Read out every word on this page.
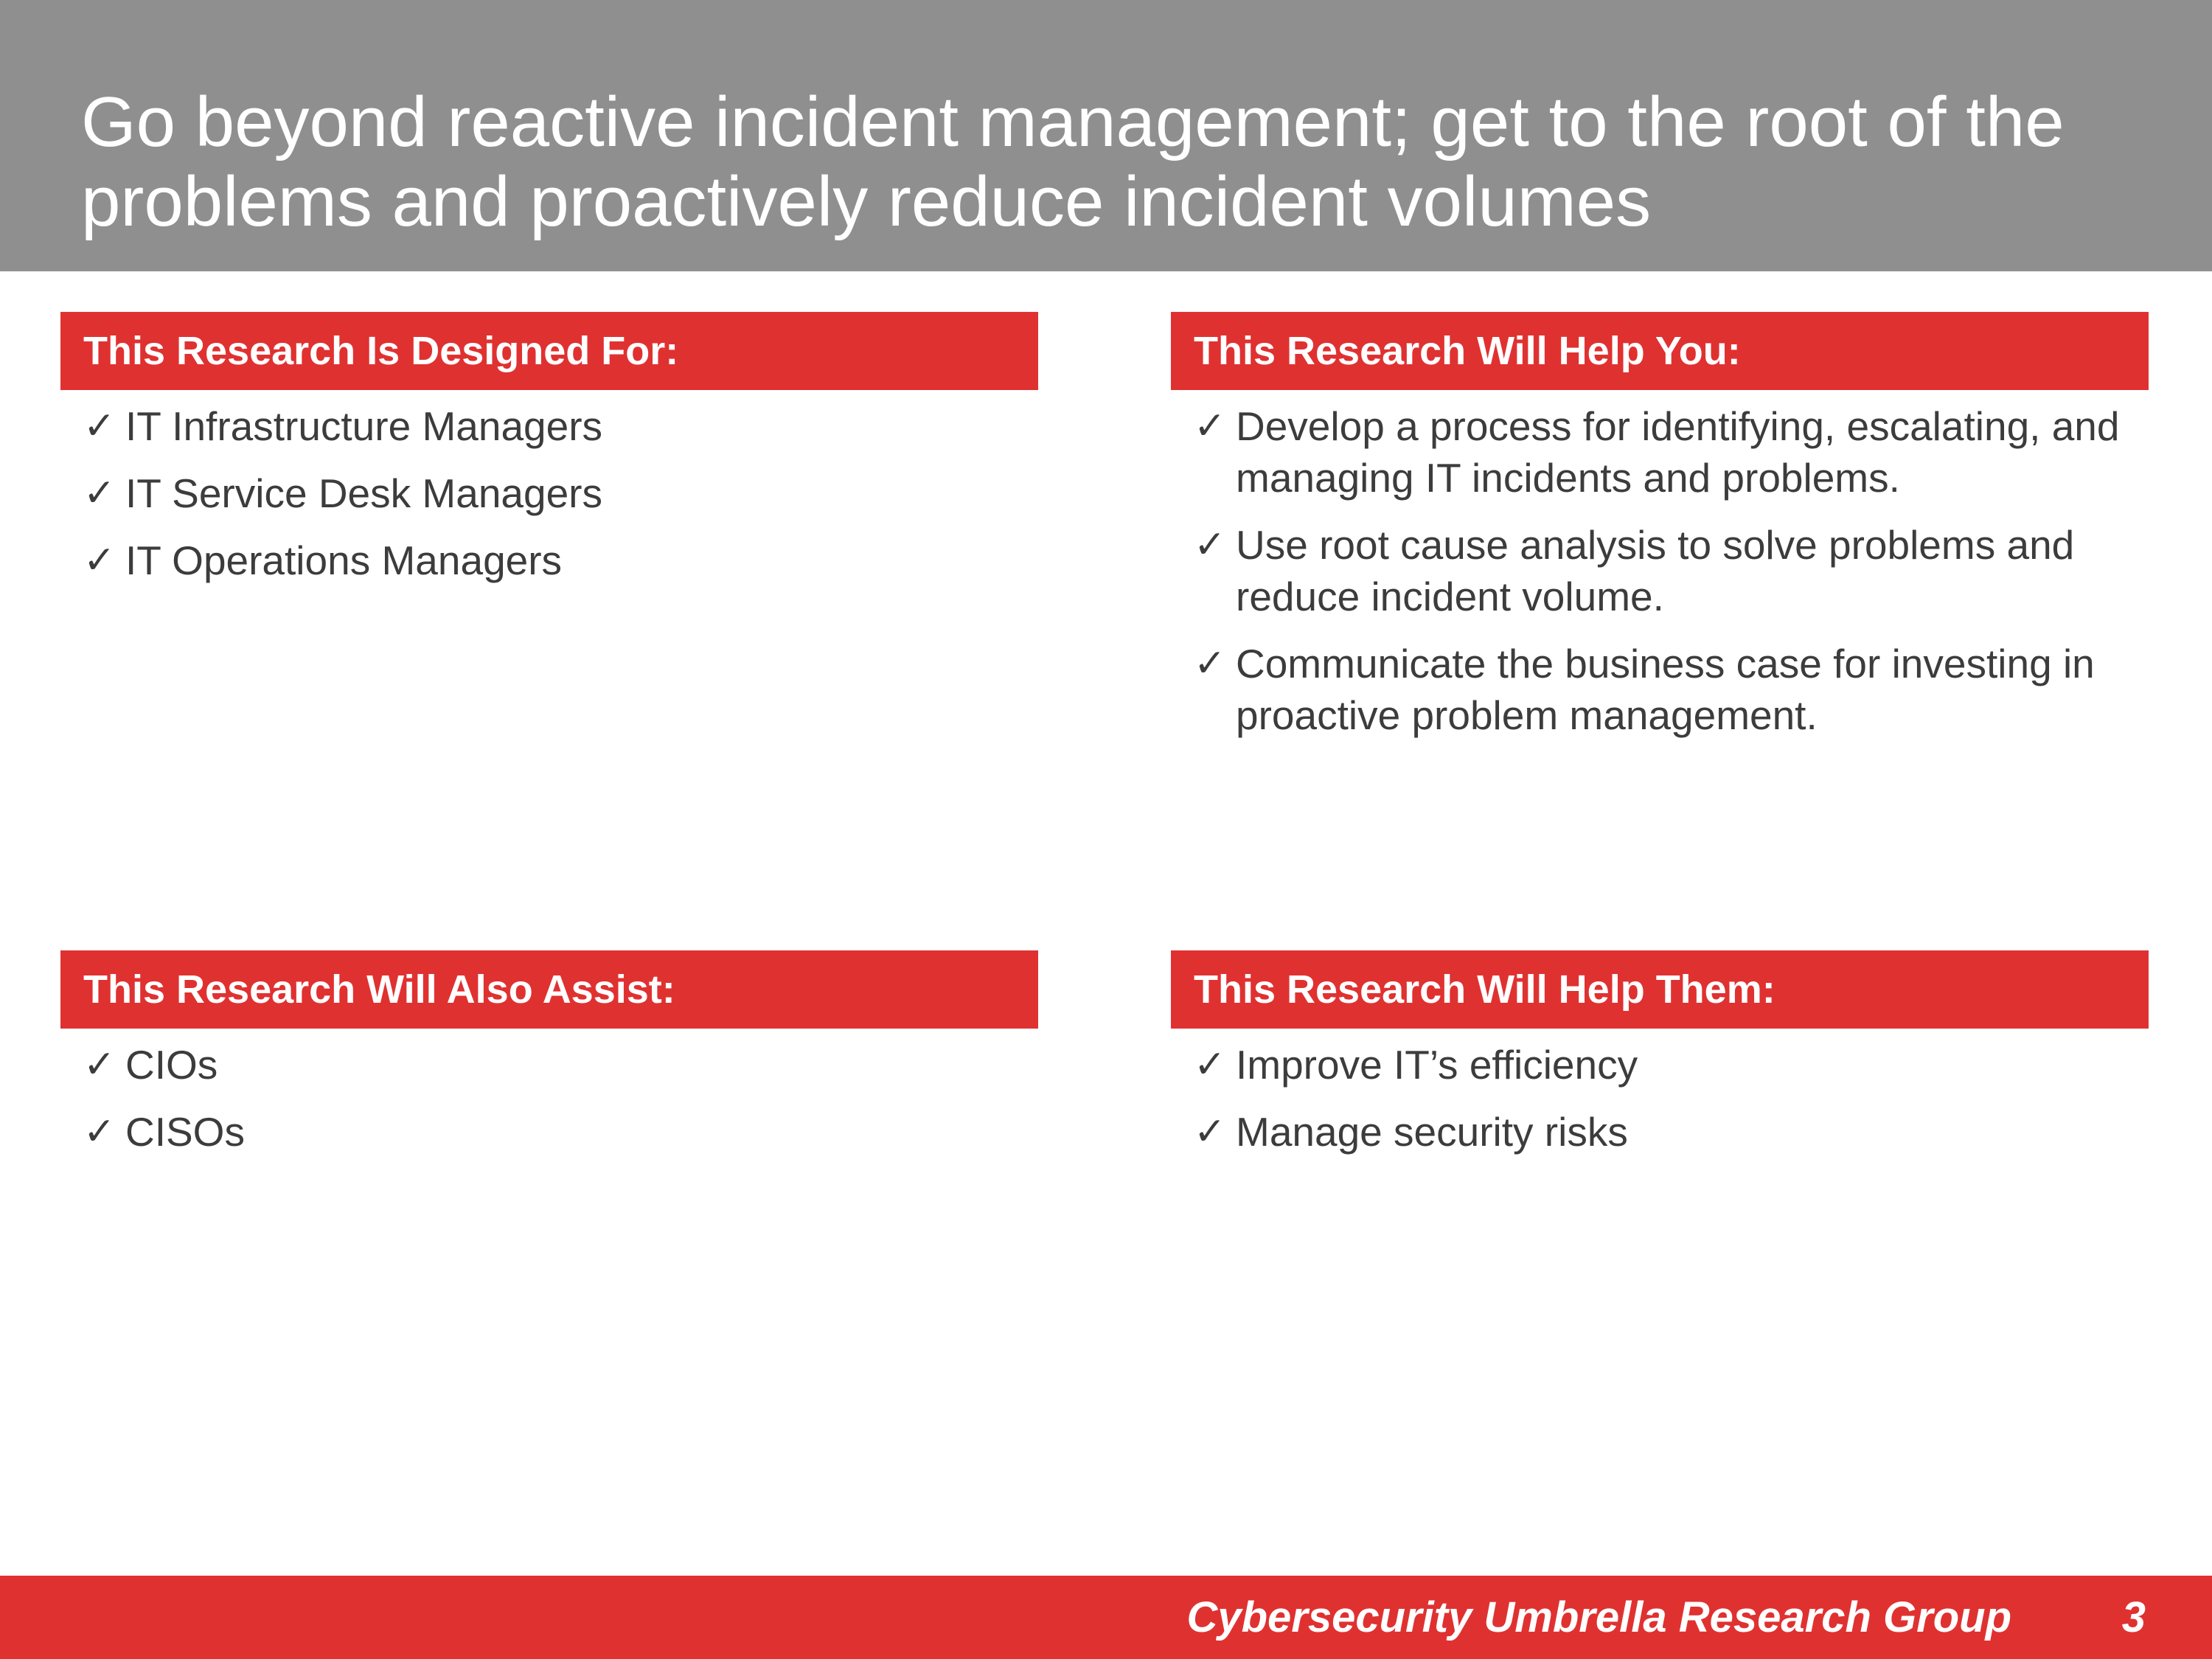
Go beyond reactive incident management; get to the root of the problems and proactively reduce incident volumes
This Research Is Designed For:
✓ IT Infrastructure Managers
✓ IT Service Desk Managers
✓ IT Operations Managers
This Research Will Help You:
✓ Develop a process for identifying, escalating, and managing IT incidents and problems.
✓ Use root cause analysis to solve problems and reduce incident volume.
✓ Communicate the business case for investing in proactive problem management.
This Research Will Also Assist:
✓ CIOs
✓ CISOs
This Research Will Help Them:
✓ Improve IT’s efficiency
✓ Manage security risks
Cybersecurity Umbrella Research Group	3
